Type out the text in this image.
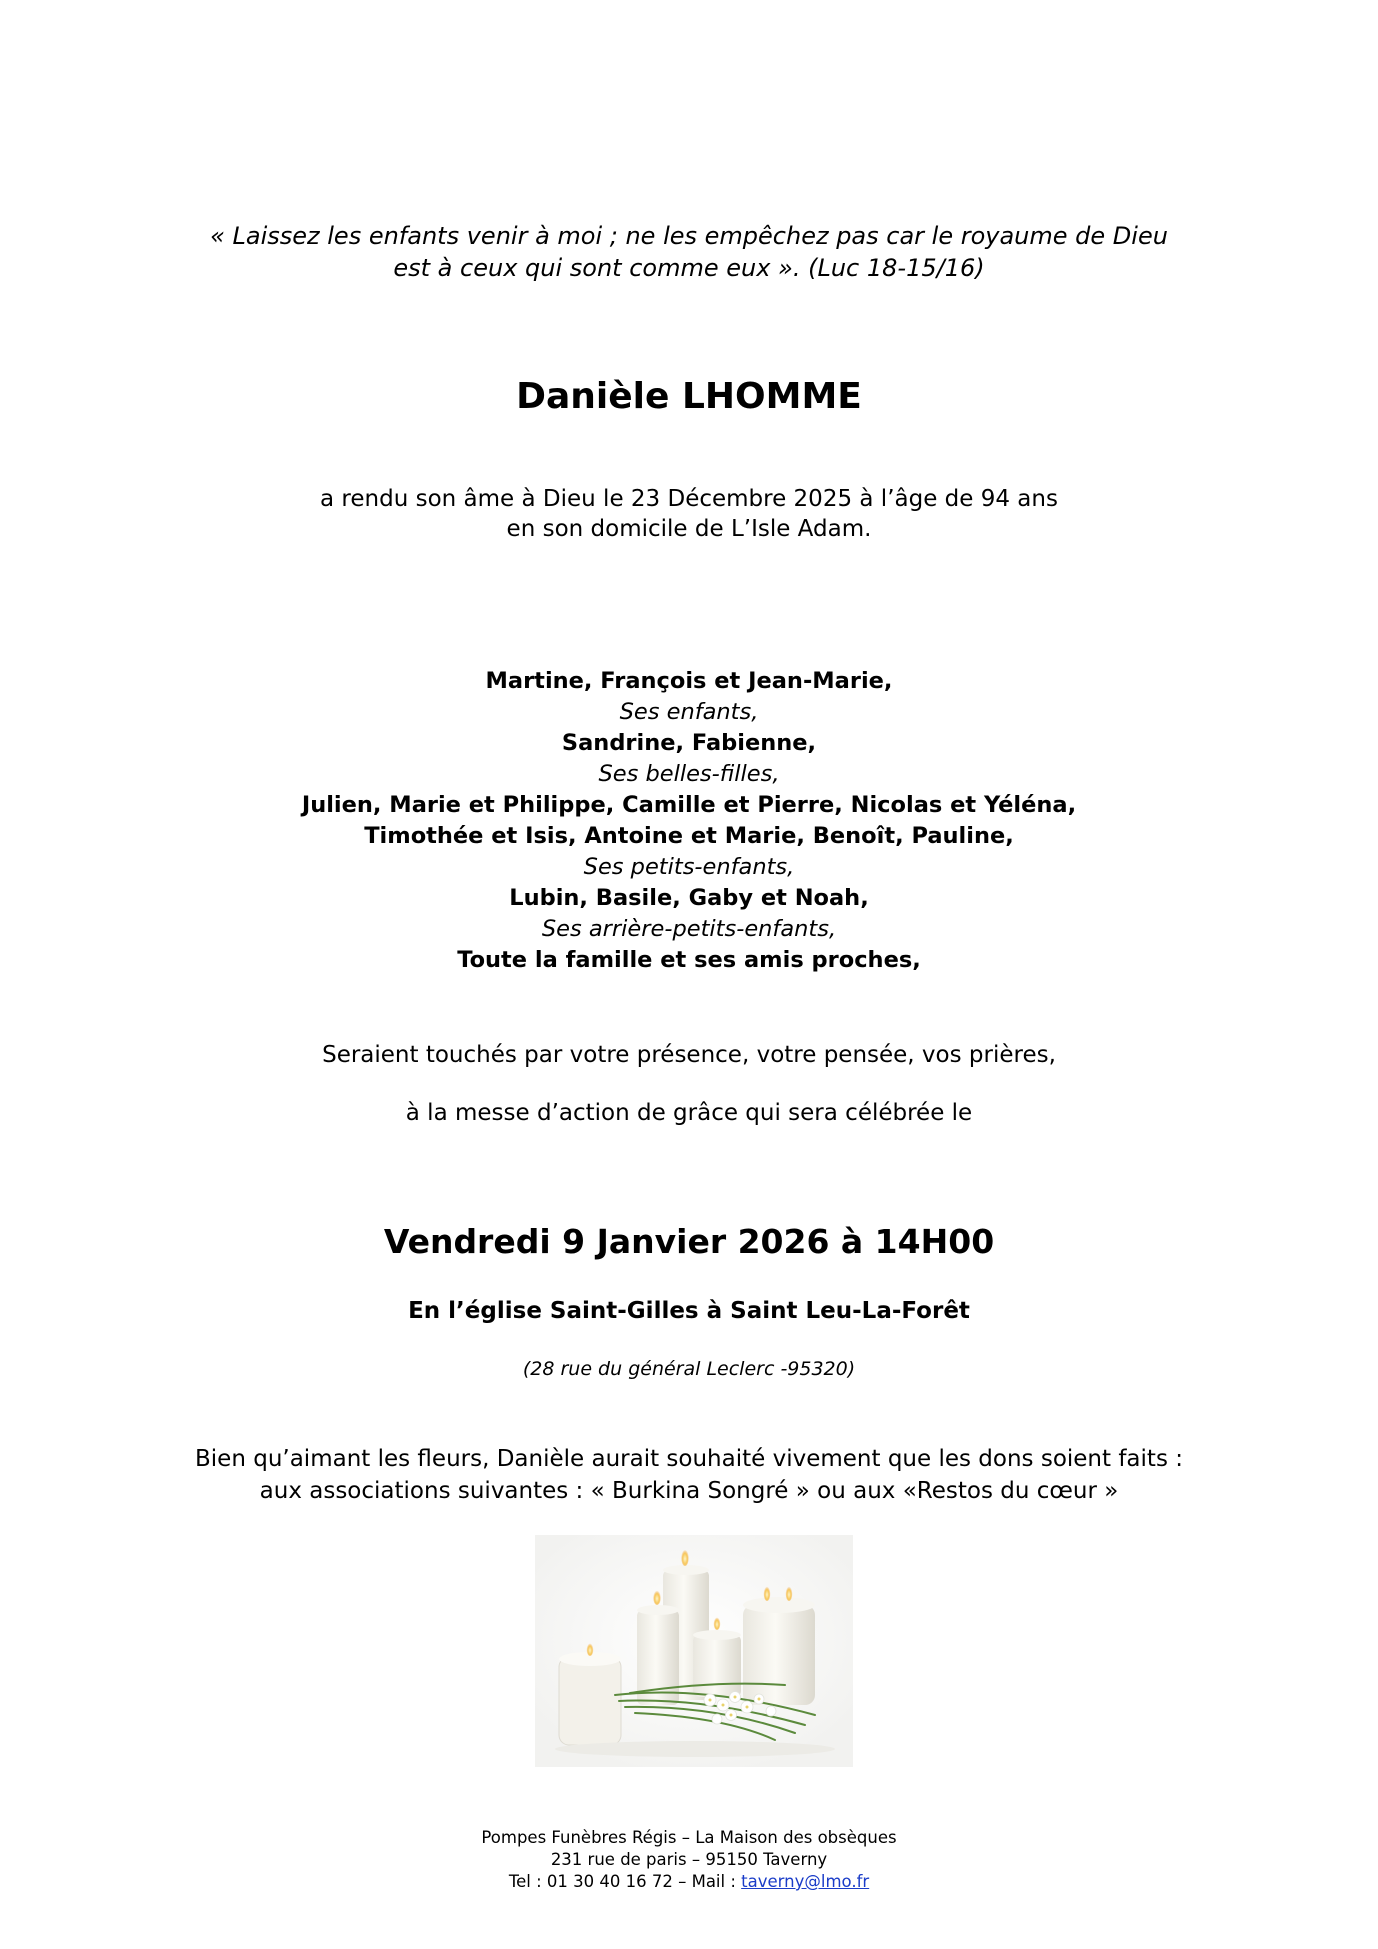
« Laissez les enfants venir à moi ; ne les empêchez pas car le royaume de Dieu
est à ceux qui sont comme eux ». (Luc 18-15/16)
Danièle LHOMME
a rendu son âme à Dieu le 23 Décembre 2025 à l’âge de 94 ans
en son domicile de L’Isle Adam.
Martine, François et Jean-Marie,
Ses enfants,
Sandrine, Fabienne,
Ses belles-filles,
Julien, Marie et Philippe, Camille et Pierre, Nicolas et Yéléna,
Timothée et Isis, Antoine et Marie, Benoît, Pauline,
Ses petits-enfants,
Lubin, Basile, Gaby et Noah,
Ses arrière-petits-enfants,
Toute la famille et ses amis proches,
Seraient touchés par votre présence, votre pensée, vos prières,
à la messe d’action de grâce qui sera célébrée le
Vendredi 9 Janvier 2026 à 14H00
En l’église Saint-Gilles à Saint Leu-La-Forêt
(28 rue du général Leclerc -95320)
Bien qu’aimant les fleurs, Danièle aurait souhaité vivement que les dons soient faits :
aux associations suivantes : « Burkina Songré » ou aux «Restos du cœur »
Pompes Funèbres Régis – La Maison des obsèques
231 rue de paris – 95150 Taverny
Tel : 01 30 40 16 72 – Mail : taverny@lmo.fr
